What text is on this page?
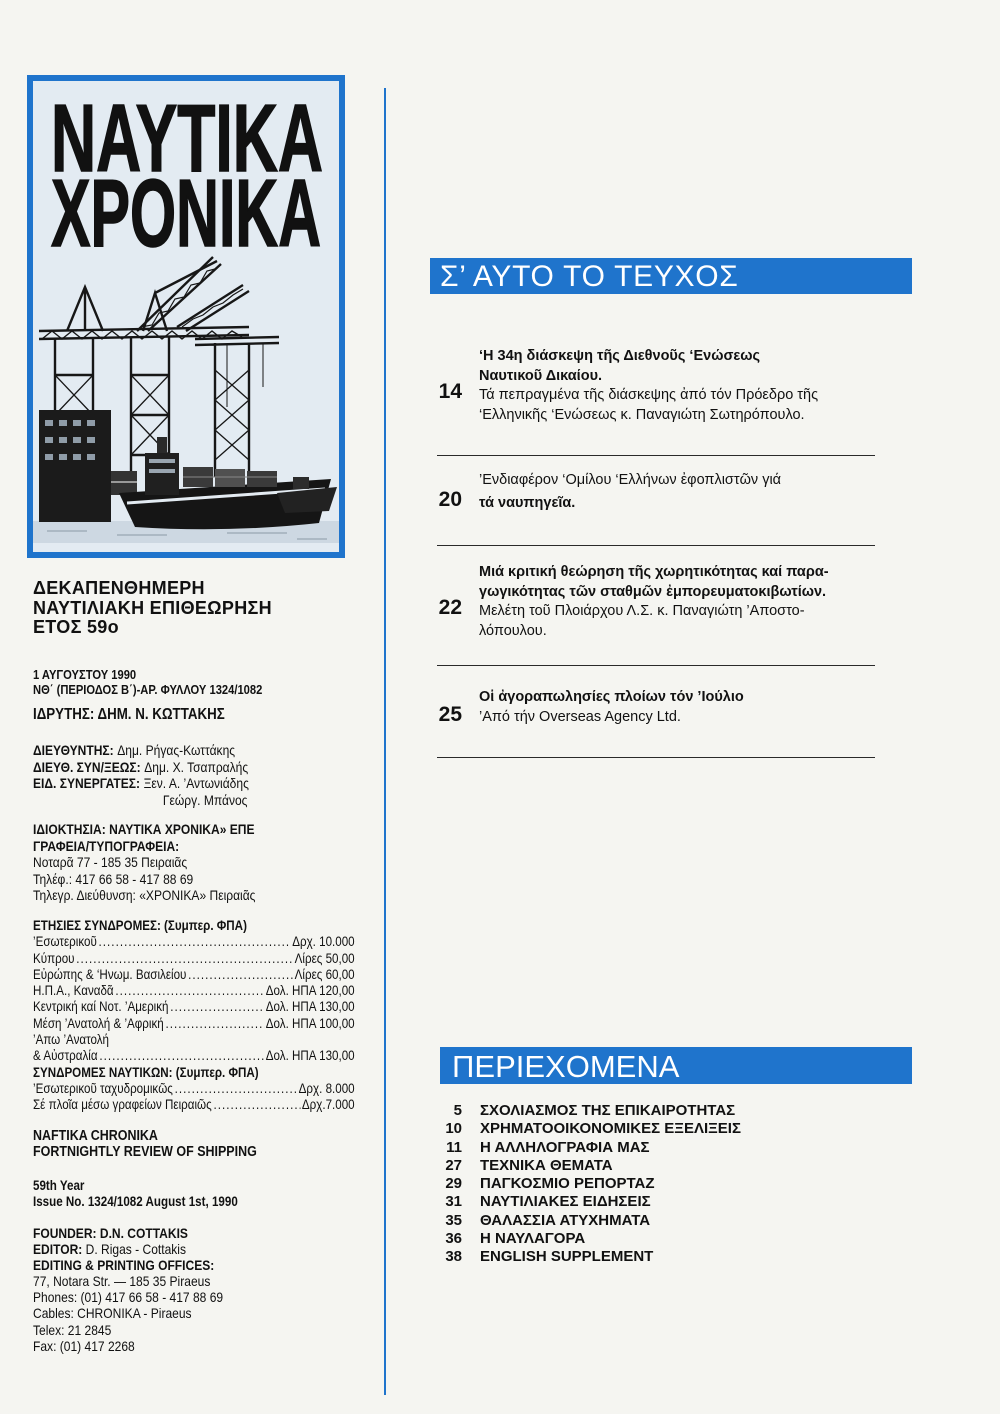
ΝΑΥΤΙΚΑ
ΧΡΟΝΙΚΑ
ΔΕΚΑΠΕΝΘΗΜΕΡΗ
ΝΑΥΤΙΛΙΑΚΗ ΕΠΙΘΕΩΡΗΣΗ
ΕΤΟΣ 59ο
1 ΑΥΓΟΥΣΤΟΥ 1990
ΝΘ΄ (ΠΕΡΙΟΔΟΣ Β΄)-ΑΡ. ΦΥΛΛΟΥ 1324/1082
ΙΔΡΥΤΗΣ: ΔΗΜ. Ν. ΚΩΤΤΑΚΗΣ
ΔΙΕΥΘΥΝΤΗΣ: Δημ. Ρήγας-Κωττάκης
ΔΙΕΥΘ. ΣΥΝ/ΞΕΩΣ: Δημ. Χ. Τσαπραλής
ΕΙΔ. ΣΥΝΕΡΓΑΤΕΣ: Ξεν. Α. ’Αντωνιάδης
Γεώργ. Μπάνος
ΙΔΙΟΚΤΗΣΙΑ: ΝΑΥΤΙΚΑ ΧΡΟΝΙΚΑ» ΕΠΕ
ΓΡΑΦΕΙΑ/ΤΥΠΟΓΡΑΦΕΙΑ:
Νοταρᾶ 77 - 185 35 Πειραιᾶς
Τηλέφ.: 417 66 58 - 417 88 69
Τηλεγρ. Διεύθυνση: «ΧΡΟΝΙΚΑ» Πειραιᾶς
ΕΤΗΣΙΕΣ ΣΥΝΔΡΟΜΕΣ: (Συμπερ. ΦΠΑ)
’Εσωτερικοῦ .....	Δρχ. 10.000
Κύπρου .....	Λίρες 50,00
Εὐρώπης & ‘Ηνωμ. Βασιλείου .....	Λίρες 60,00
Η.Π.Α., Καναδᾶ .....	Δολ. ΗΠΑ 120,00
Κεντρική καί Νοτ. ’Αμερική .....	Δολ. ΗΠΑ 130,00
Μέση ’Ανατολή & ’Αφρική .....	Δολ. ΗΠΑ 100,00
’Απω ’Ανατολή
& Αὐστραλία .....	Δολ. ΗΠΑ 130,00
ΣΥΝΔΡΟΜΕΣ ΝΑΥΤΙΚΩΝ: (Συμπερ. ΦΠΑ)
’Εσωτερικοῦ ταχυδρομικῶς .....	Δρχ. 8.000
Σέ πλοῖα μέσω γραφείων Πειραιῶς .....	Δρχ.7.000
NAFTIKA CHRONIKA
FORTNIGHTLY REVIEW OF SHIPPING
59th Year
Issue No. 1324/1082 August 1st, 1990
FOUNDER: D.N. COTTAKIS
EDITOR: D. Rigas - Cottakis
EDITING & PRINTING OFFICES:
77, Notara Str. — 185 35 Piraeus
Phones: (01) 417 66 58 - 417 88 69
Cables: CHRONIKA - Piraeus
Telex: 21 2845
Fax: (01) 417 2268
Σ’ ΑΥΤΟ ΤΟ ΤΕΥΧΟΣ
14
‘Η 34η διάσκεψη τῆς Διεθνοῦς ‘Ενώσεως
Ναυτικοῦ Δικαίου.
Τά πεπραγμένα τῆς διάσκεψης ἀπό τόν Πρόεδρο τῆς
‘Ελληνικῆς ‘Ενώσεως κ. Παναγιώτη Σωτηρόπουλο.
20
’Ενδιαφέρον ‘Ομίλου ‘Ελλήνων ἐφοπλιστῶν γιά
τά ναυπηγεῖα.
22
Μιά κριτική θεώρηση τῆς χωρητικότητας καί παρα-
γωγικότητας τῶν σταθμῶν ἐμπορευματοκιβωτίων.
Μελέτη τοῦ Πλοιάρχου Λ.Σ. κ. Παναγιώτη ’Αποστο-
λόπουλου.
25
Οἱ ἀγοραπωλησίες πλοίων τόν ’Ιούλιο
’Από τήν Overseas Agency Ltd.
ΠΕΡΙΕΧΟΜΕΝΑ
5 ΣΧΟΛΙΑΣΜΟΣ ΤΗΣ ΕΠΙΚΑΙΡΟΤΗΤΑΣ
10 ΧΡΗΜΑΤΟΟΙΚΟΝΟΜΙΚΕΣ ΕΞΕΛΙΞΕΙΣ
11 Η ΑΛΛΗΛΟΓΡΑΦΙΑ ΜΑΣ
27 ΤΕΧΝΙΚΑ ΘΕΜΑΤΑ
29 ΠΑΓΚΟΣΜΙΟ ΡΕΠΟΡΤΑΖ
31 ΝΑΥΤΙΛΙΑΚΕΣ ΕΙΔΗΣΕΙΣ
35 ΘΑΛΑΣΣΙΑ ΑΤΥΧΗΜΑΤΑ
36 Η ΝΑΥΛΑΓΟΡΑ
38 ENGLISH SUPPLEMENT
